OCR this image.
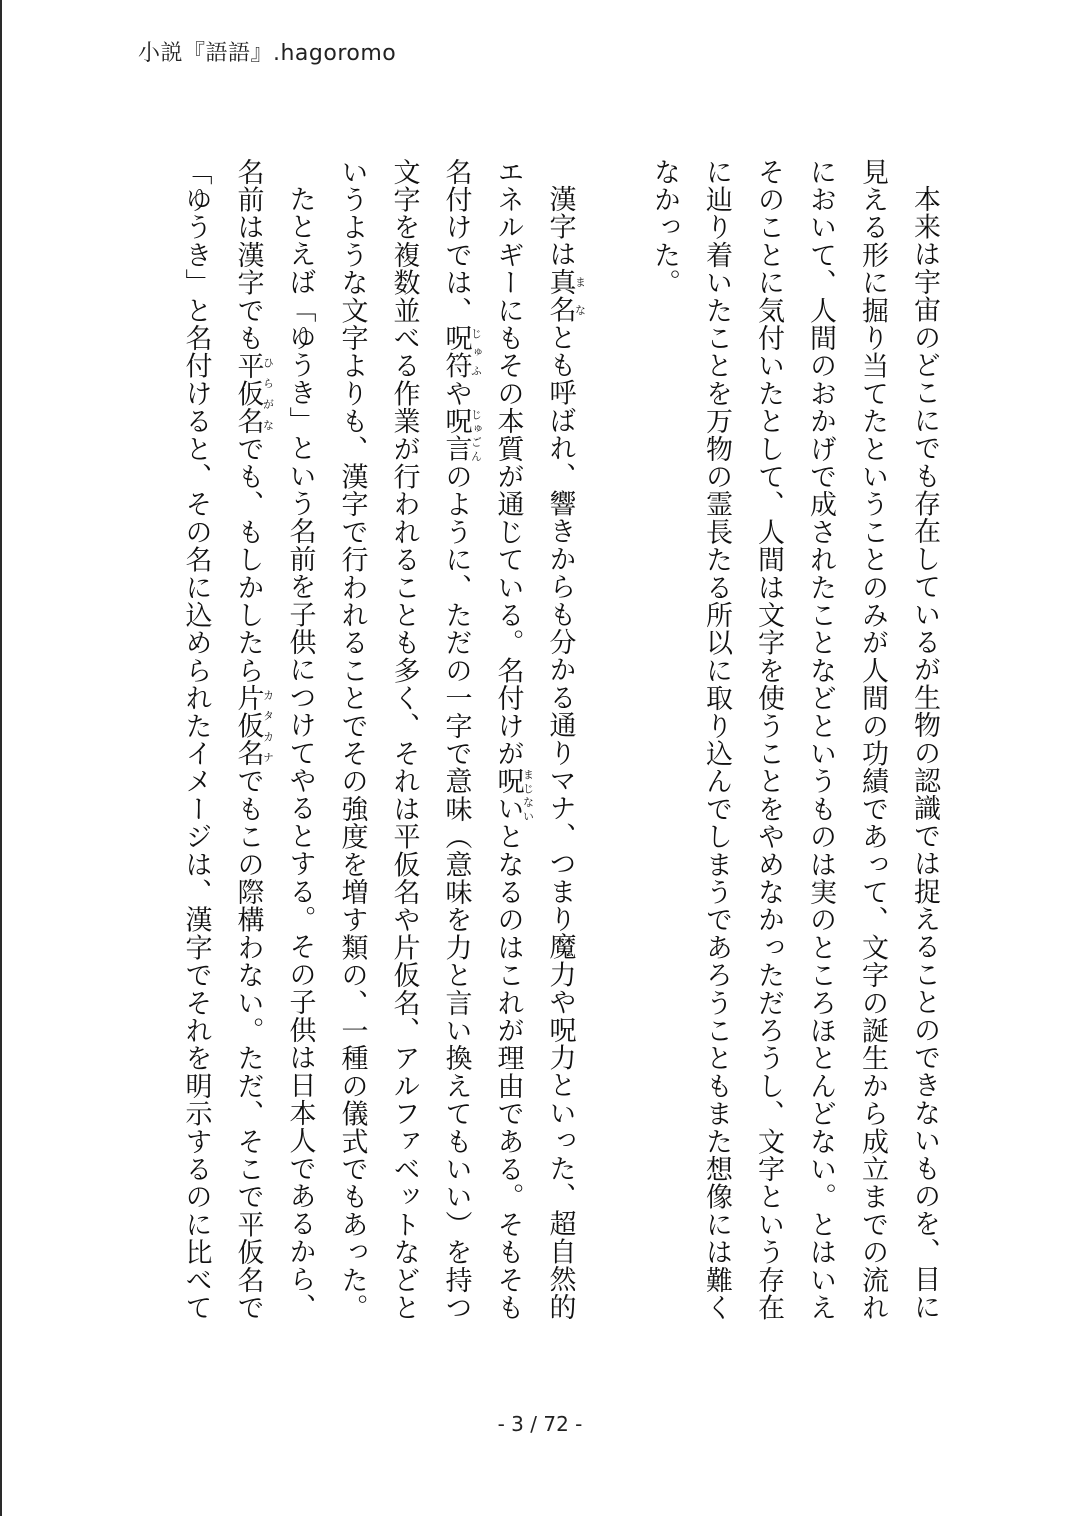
小説『語語』.hagoromo

本来は宇宙のどこにでも存在しているが生物の認識では捉えることのできないものを、目に見える形に掘り当てたということのみが人間の功績であって、文字の誕生から成立までの流れにおいて、人間のおかげで成されたことなどというものは実のところほとんどない。とはいえそのことに気付いたとして、人間は文字を使うことをやめなかっただろうし、文字という存在に辿り着いたことを万物の霊長たる所以に取り込んでしまうであろうこともまた想像には難くなかった。

漢字は真名まなとも呼ばれ、響きからも分かる通りマナ、つまり魔力や呪力といった、超自然的エネルギーにもその本質が通じている。名付けが呪いまじないとなるのはこれが理由である。そもそも名付けでは、呪符じゅふや呪言じゅごんのように、ただの一字で意味（意味を力と言い換えてもいい）を持つ文字を複数並べる作業が行われることも多く、それは平仮名や片仮名、アルファベットなどというような文字よりも、漢字で行われることでその強度を増す類の、一種の儀式でもあった。

たとえば「ゆうき」という名前を子供につけてやるとする。その子供は日本人であるから、名前は漢字でも平仮名ひらがなでも、もしかしたら片仮名カタカナでもこの際構わない。ただ、そこで平仮名で「ゆうき」と名付けると、その名に込められたイメージは、漢字でそれを明示するのに比べて

- 3 / 72 -
